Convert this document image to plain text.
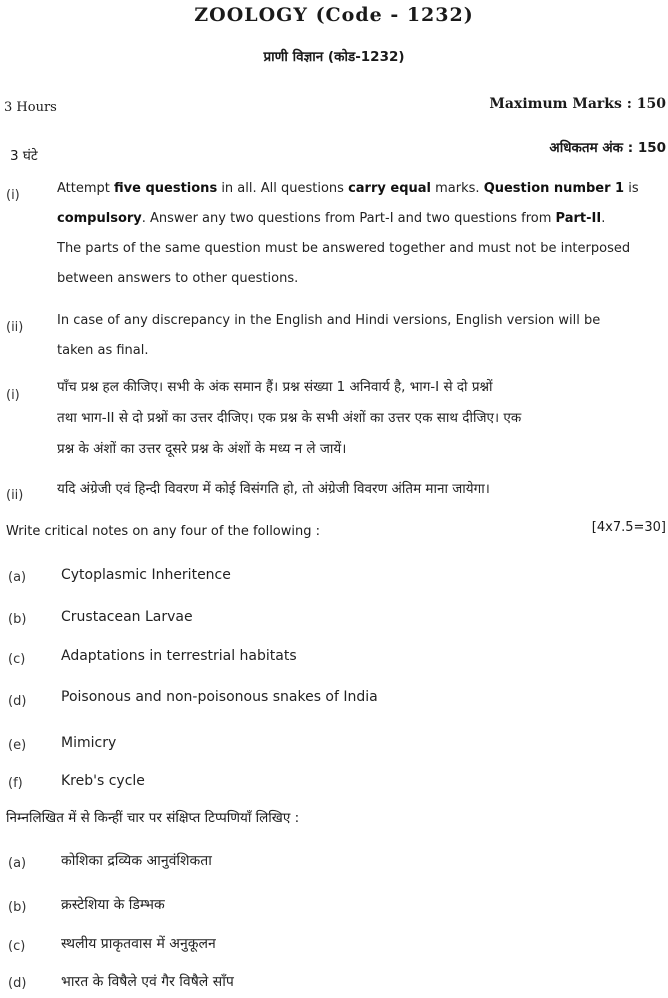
ZOOLOGY (Code - 1232)
प्राणी विज्ञान (कोड-1232)
3 Hours	Maximum Marks : 150
3 घंटे	अधिकतम अंक : 150
(i)	Attempt five questions in all. All questions carry equal marks. Question number 1 is
compulsory. Answer any two questions from Part-I and two questions from Part-II.
The parts of the same question must be answered together and must not be interposed
between answers to other questions.
(ii)	In case of any discrepancy in the English and Hindi versions, English version will be
taken as final.
(i)
पाँच प्रश्न हल कीजिए। सभी के अंक समान हैं। प्रश्न संख्या 1 अनिवार्य है, भाग-I से दो प्रश्नों
तथा भाग-II से दो प्रश्नों का उत्तर दीजिए। एक प्रश्न के सभी अंशों का उत्तर एक साथ दीजिए। एक
प्रश्न के अंशों का उत्तर दूसरे प्रश्न के अंशों के मध्य न ले जायें।
(ii) यदि अंग्रेजी एवं हिन्दी विवरण में कोई विसंगति हो, तो अंग्रेजी विवरण अंतिम माना जायेगा।
Write critical notes on any four of the following :	[4x7.5=30]
(a) Cytoplasmic Inheritence
(b) Crustacean Larvae
(c)	Adaptations in terrestrial habitats
(d) Poisonous and non-poisonous snakes of India
(e) Mimicry
(f)	Kreb's cycle
निम्नलिखित में से किन्हीं चार पर संक्षिप्त टिप्पणियाँ लिखिए :
(a) कोशिका द्रव्यिक आनुवंशिकता
(b) क्रस्टेशिया के डिम्भक
(c)	स्थलीय प्राकृतवास में अनुकूलन
(d) भारत के विषैले एवं गैर विषैले साँप
